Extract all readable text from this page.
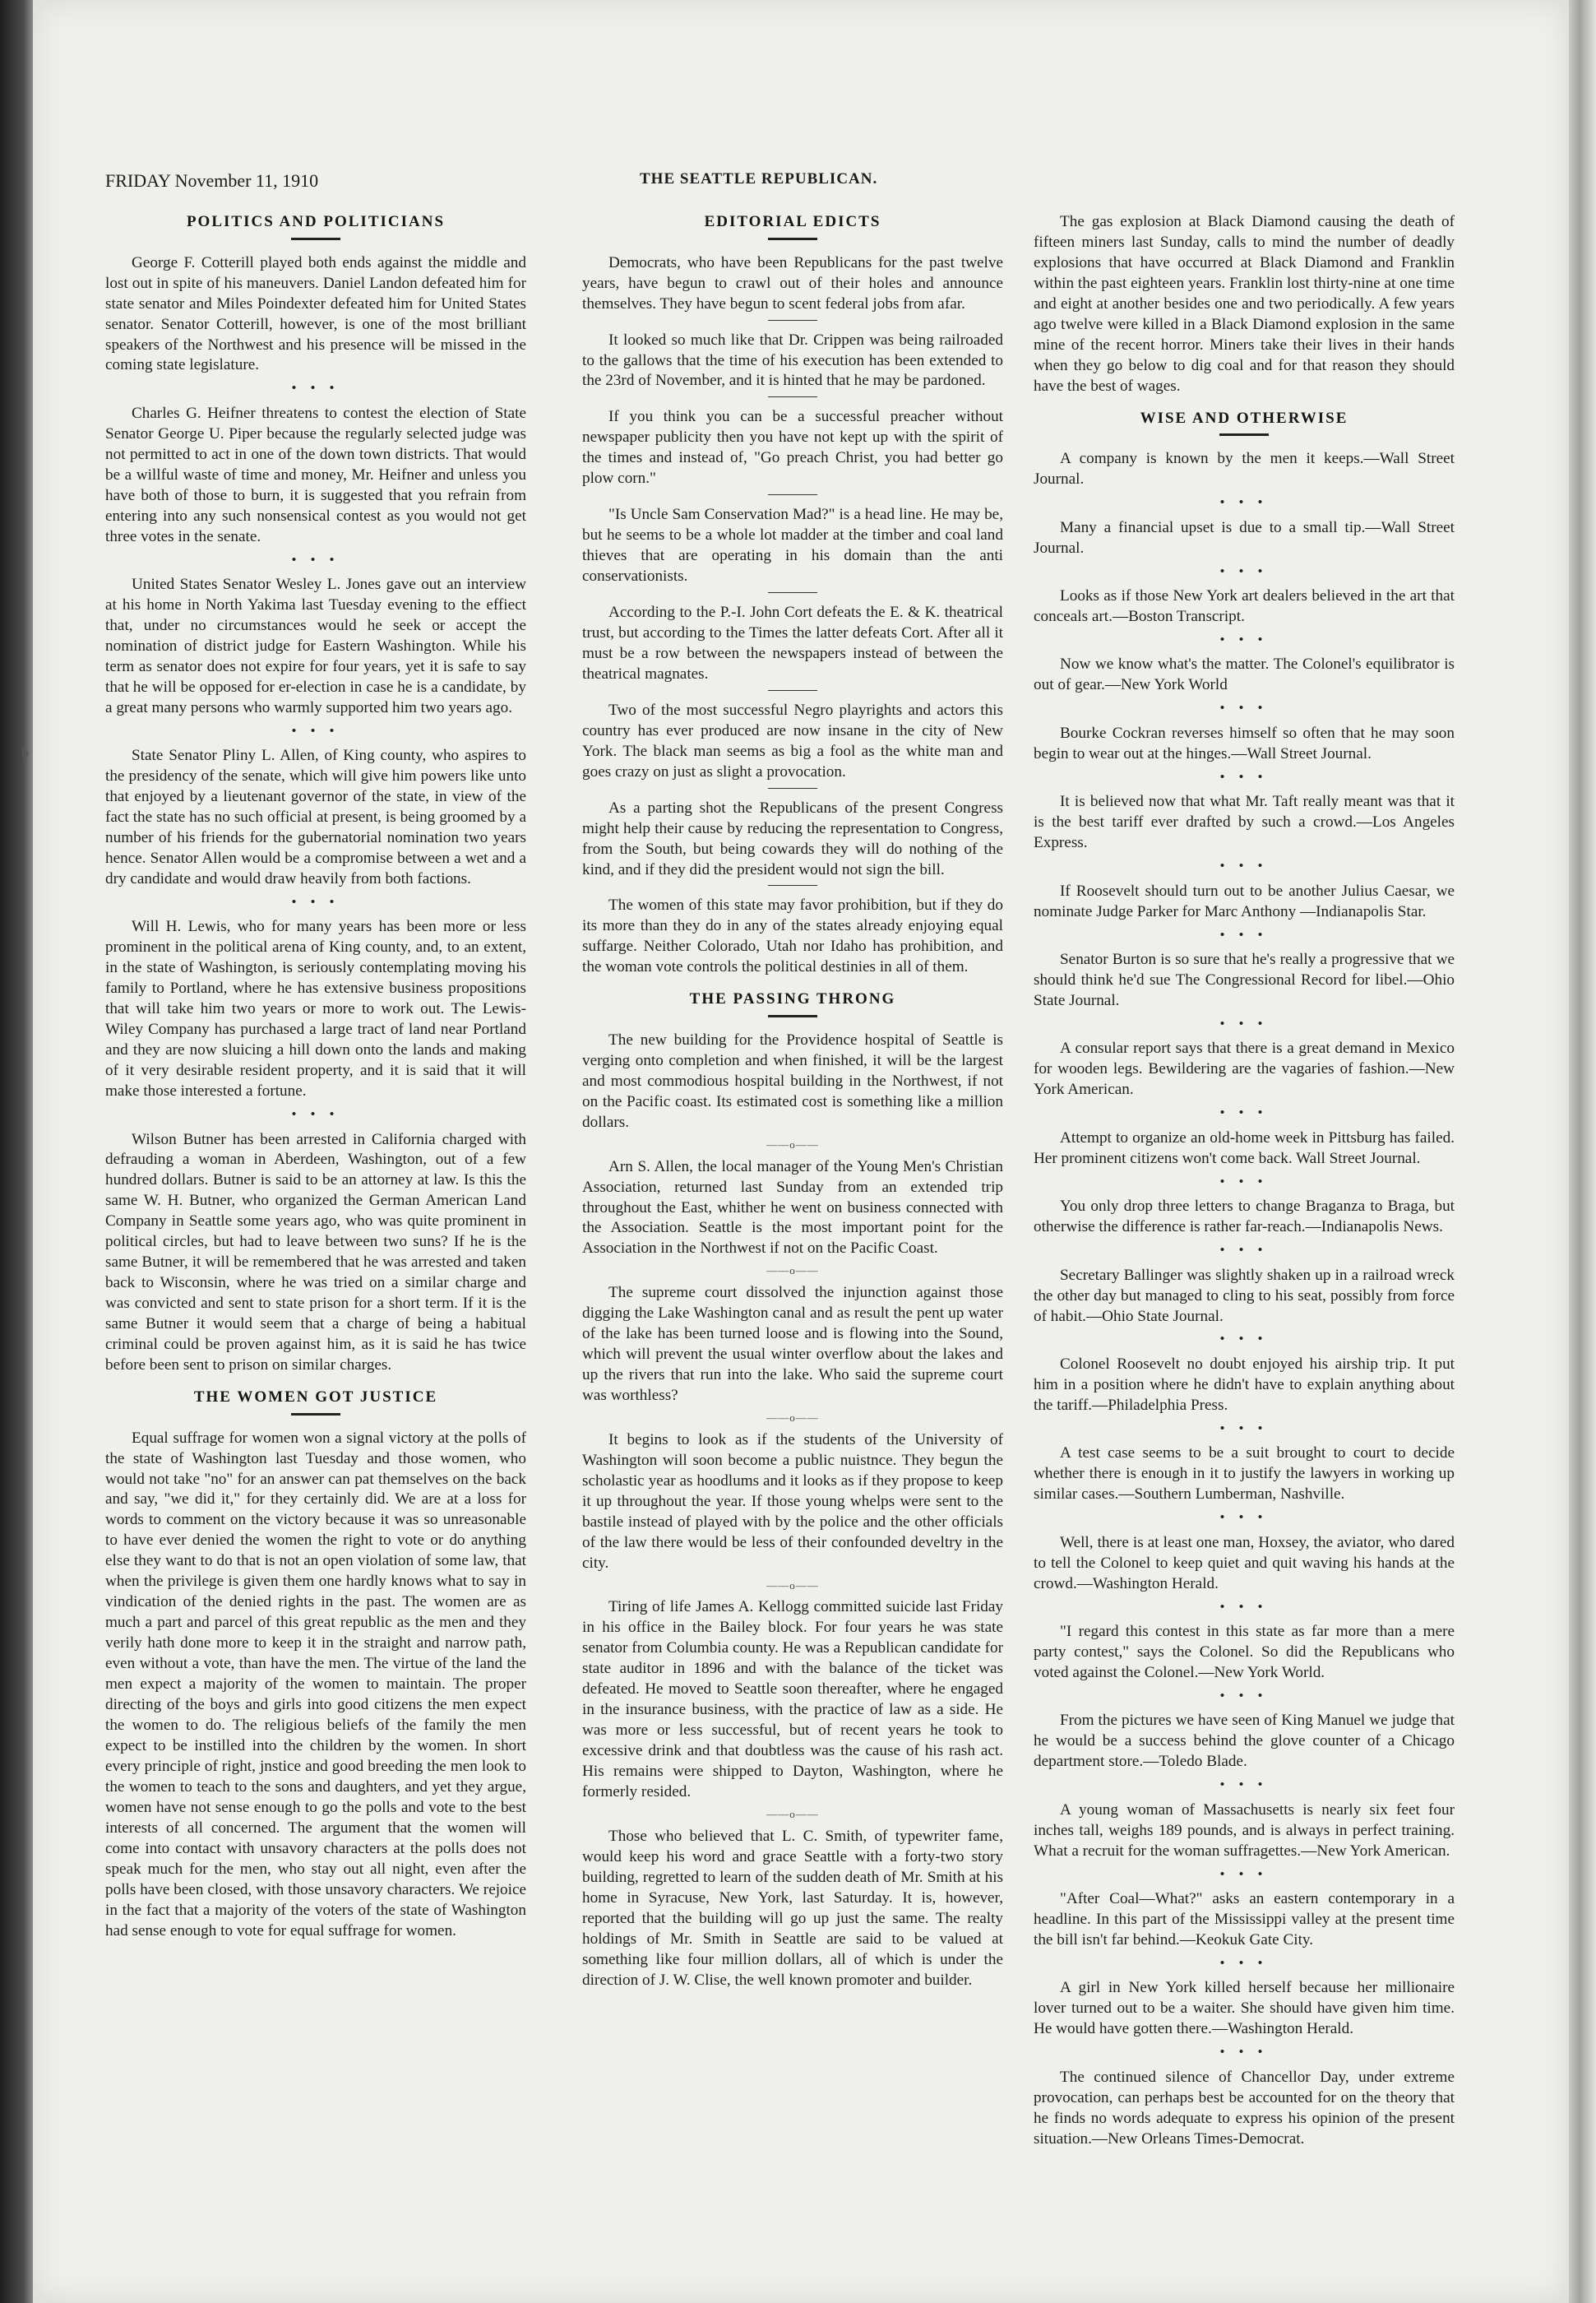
b
FRIDAY November 11, 1910	THE SEATTLE REPUBLICAN.
POLITICS AND POLITICIANS

George F. Cotterill played both ends against the middle and lost out in spite of his maneuvers. Daniel Landon defeated him for state senator and Miles Poindexter defeated him for United States senator. Senator Cotterill, however, is one of the most brilliant speakers of the Northwest and his presence will be missed in the coming state legislature.

• • •

Charles G. Heifner threatens to contest the election of State Senator George U. Piper because the regularly selected judge was not permitted to act in one of the down town districts. That would be a willful waste of time and money, Mr. Heifner and unless you have both of those to burn, it is suggested that you refrain from entering into any such nonsensical contest as you would not get three votes in the senate.

• • •

United States Senator Wesley L. Jones gave out an interview at his home in North Yakima last Tuesday evening to the effiect that, under no circumstances would he seek or accept the nomination of district judge for Eastern Washington. While his term as senator does not expire for four years, yet it is safe to say that he will be opposed for er-election in case he is a candidate, by a great many persons who warmly supported him two years ago.

• • •

State Senator Pliny L. Allen, of King county, who aspires to the presidency of the senate, which will give him powers like unto that enjoyed by a lieutenant governor of the state, in view of the fact the state has no such official at present, is being groomed by a number of his friends for the gubernatorial nomination two years hence. Senator Allen would be a compromise between a wet and a dry candidate and would draw heavily from both factions.

• • •

Will H. Lewis, who for many years has been more or less prominent in the political arena of King county, and, to an extent, in the state of Washington, is seriously contemplating moving his family to Portland, where he has extensive business propositions that will take him two years or more to work out. The Lewis-Wiley Company has purchased a large tract of land near Portland and they are now sluicing a hill down onto the lands and making of it very desirable resident property, and it is said that it will make those interested a fortune.

• • •

Wilson Butner has been arrested in California charged with defrauding a woman in Aberdeen, Washington, out of a few hundred dollars. Butner is said to be an attorney at law. Is this the same W. H. Butner, who organized the German American Land Company in Seattle some years ago, who was quite prominent in political circles, but had to leave between two suns? If he is the same Butner, it will be remembered that he was arrested and taken back to Wisconsin, where he was tried on a similar charge and was convicted and sent to state prison for a short term. If it is the same Butner it would seem that a charge of being a habitual criminal could be proven against him, as it is said he has twice before been sent to prison on similar charges.

THE WOMEN GOT JUSTICE

Equal suffrage for women won a signal victory at the polls of the state of Washington last Tuesday and those women, who would not take "no" for an answer can pat themselves on the back and say, "we did it," for they certainly did. We are at a loss for words to comment on the victory because it was so unreasonable to have ever denied the women the right to vote or do anything else they want to do that is not an open violation of some law, that when the privilege is given them one hardly knows what to say in vindication of the denied rights in the past. The women are as much a part and parcel of this great republic as the men and they verily hath done more to keep it in the straight and narrow path, even without a vote, than have the men. The virtue of the land the men expect a majority of the women to maintain. The proper directing of the boys and girls into good citizens the men expect the women to do. The religious beliefs of the family the men expect to be instilled into the children by the women. In short every principle of right, jnstice and good breeding the men look to the women to teach to the sons and daughters, and yet they argue, women have not sense enough to go the polls and vote to the best interests of all concerned. The argument that the women will come into contact with unsavory characters at the polls does not speak much for the men, who stay out all night, even after the polls have been closed, with those unsavory characters. We rejoice in the fact that a majority of the voters of the state of Washington had sense enough to vote for equal suffrage for women.

EDITORIAL EDICTS

Democrats, who have been Republicans for the past twelve years, have begun to crawl out of their holes and announce themselves. They have begun to scent federal jobs from afar.

It looked so much like that Dr. Crippen was being railroaded to the gallows that the time of his execution has been extended to the 23rd of November, and it is hinted that he may be pardoned.

If you think you can be a successful preacher without newspaper publicity then you have not kept up with the spirit of the times and instead of, "Go preach Christ, you had better go plow corn."

"Is Uncle Sam Conservation Mad?" is a head line. He may be, but he seems to be a whole lot madder at the timber and coal land thieves that are operating in his domain than the anti conservationists.

According to the P.-I. John Cort defeats the E. & K. theatrical trust, but according to the Times the latter defeats Cort. After all it must be a row between the newspapers instead of between the theatrical magnates.

Two of the most successful Negro playrights and actors this country has ever produced are now insane in the city of New York. The black man seems as big a fool as the white man and goes crazy on just as slight a provocation.

As a parting shot the Republicans of the present Congress might help their cause by reducing the representation to Congress, from the South, but being cowards they will do nothing of the kind, and if they did the president would not sign the bill.

The women of this state may favor prohibition, but if they do its more than they do in any of the states already enjoying equal suffarge. Neither Colorado, Utah nor Idaho has prohibition, and the woman vote controls the political destinies in all of them.

THE PASSING THRONG

The new building for the Providence hospital of Seattle is verging onto completion and when finished, it will be the largest and most commodious hospital building in the Northwest, if not on the Pacific coast. Its estimated cost is something like a million dollars.

——o——

Arn S. Allen, the local manager of the Young Men's Christian Association, returned last Sunday from an extended trip throughout the East, whither he went on business connected with the Association. Seattle is the most important point for the Association in the Northwest if not on the Pacific Coast.

——o——

The supreme court dissolved the injunction against those digging the Lake Washington canal and as result the pent up water of the lake has been turned loose and is flowing into the Sound, which will prevent the usual winter overflow about the lakes and up the rivers that run into the lake. Who said the supreme court was worthless?

——o——

It begins to look as if the students of the University of Washington will soon become a public nuistnce. They begun the scholastic year as hoodlums and it looks as if they propose to keep it up throughout the year. If those young whelps were sent to the bastile instead of played with by the police and the other officials of the law there would be less of their confounded develtry in the city.

——o——

Tiring of life James A. Kellogg committed suicide last Friday in his office in the Bailey block. For four years he was state senator from Columbia county. He was a Republican candidate for state auditor in 1896 and with the balance of the ticket was defeated. He moved to Seattle soon thereafter, where he engaged in the insurance business, with the practice of law as a side. He was more or less successful, but of recent years he took to excessive drink and that doubtless was the cause of his rash act. His remains were shipped to Dayton, Washington, where he formerly resided.

——o——

Those who believed that L. C. Smith, of typewriter fame, would keep his word and grace Seattle with a forty-two story building, regretted to learn of the sudden death of Mr. Smith at his home in Syracuse, New York, last Saturday. It is, however, reported that the building will go up just the same. The realty holdings of Mr. Smith in Seattle are said to be valued at something like four million dollars, all of which is under the direction of J. W. Clise, the well known promoter and builder.

The gas explosion at Black Diamond causing the death of fifteen miners last Sunday, calls to mind the number of deadly explosions that have occurred at Black Diamond and Franklin within the past eighteen years. Franklin lost thirty-nine at one time and eight at another besides one and two periodically. A few years ago twelve were killed in a Black Diamond explosion in the same mine of the recent horror. Miners take their lives in their hands when they go below to dig coal and for that reason they should have the best of wages.

WISE AND OTHERWISE

A company is known by the men it keeps.—Wall Street Journal.

• • •

Many a financial upset is due to a small tip.—Wall Street Journal.

• • •

Looks as if those New York art dealers believed in the art that conceals art.—Boston Transcript.

• • •

Now we know what's the matter. The Colonel's equilibrator is out of gear.—New York World

• • •

Bourke Cockran reverses himself so often that he may soon begin to wear out at the hinges.—Wall Street Journal.

• • •

It is believed now that what Mr. Taft really meant was that it is the best tariff ever drafted by such a crowd.—Los Angeles Express.

• • •

If Roosevelt should turn out to be another Julius Caesar, we nominate Judge Parker for Marc Anthony —Indianapolis Star.

• • •

Senator Burton is so sure that he's really a progressive that we should think he'd sue The Congressional Record for libel.—Ohio State Journal.

• • •

A consular report says that there is a great demand in Mexico for wooden legs. Bewildering are the vagaries of fashion.—New York American.

• • •

Attempt to organize an old-home week in Pittsburg has failed. Her prominent citizens won't come back. Wall Street Journal.

• • •

You only drop three letters to change Braganza to Braga, but otherwise the difference is rather far-reach.—Indianapolis News.

• • •

Secretary Ballinger was slightly shaken up in a railroad wreck the other day but managed to cling to his seat, possibly from force of habit.—Ohio State Journal.

• • •

Colonel Roosevelt no doubt enjoyed his airship trip. It put him in a position where he didn't have to explain anything about the tariff.—Philadelphia Press.

• • •

A test case seems to be a suit brought to court to decide whether there is enough in it to justify the lawyers in working up similar cases.—Southern Lumberman, Nashville.

• • •

Well, there is at least one man, Hoxsey, the aviator, who dared to tell the Colonel to keep quiet and quit waving his hands at the crowd.—Washington Herald.

• • •

"I regard this contest in this state as far more than a mere party contest," says the Colonel. So did the Republicans who voted against the Colonel.—New York World.

• • •

From the pictures we have seen of King Manuel we judge that he would be a success behind the glove counter of a Chicago department store.—Toledo Blade.

• • •

A young woman of Massachusetts is nearly six feet four inches tall, weighs 189 pounds, and is always in perfect training. What a recruit for the woman suffragettes.—New York American.

• • •

"After Coal—What?" asks an eastern contemporary in a headline. In this part of the Mississippi valley at the present time the bill isn't far behind.—Keokuk Gate City.

• • •

A girl in New York killed herself because her millionaire lover turned out to be a waiter. She should have given him time. He would have gotten there.—Washington Herald.

• • •

The continued silence of Chancellor Day, under extreme provocation, can perhaps best be accounted for on the theory that he finds no words adequate to express his opinion of the present situation.—New Orleans Times-Democrat.
